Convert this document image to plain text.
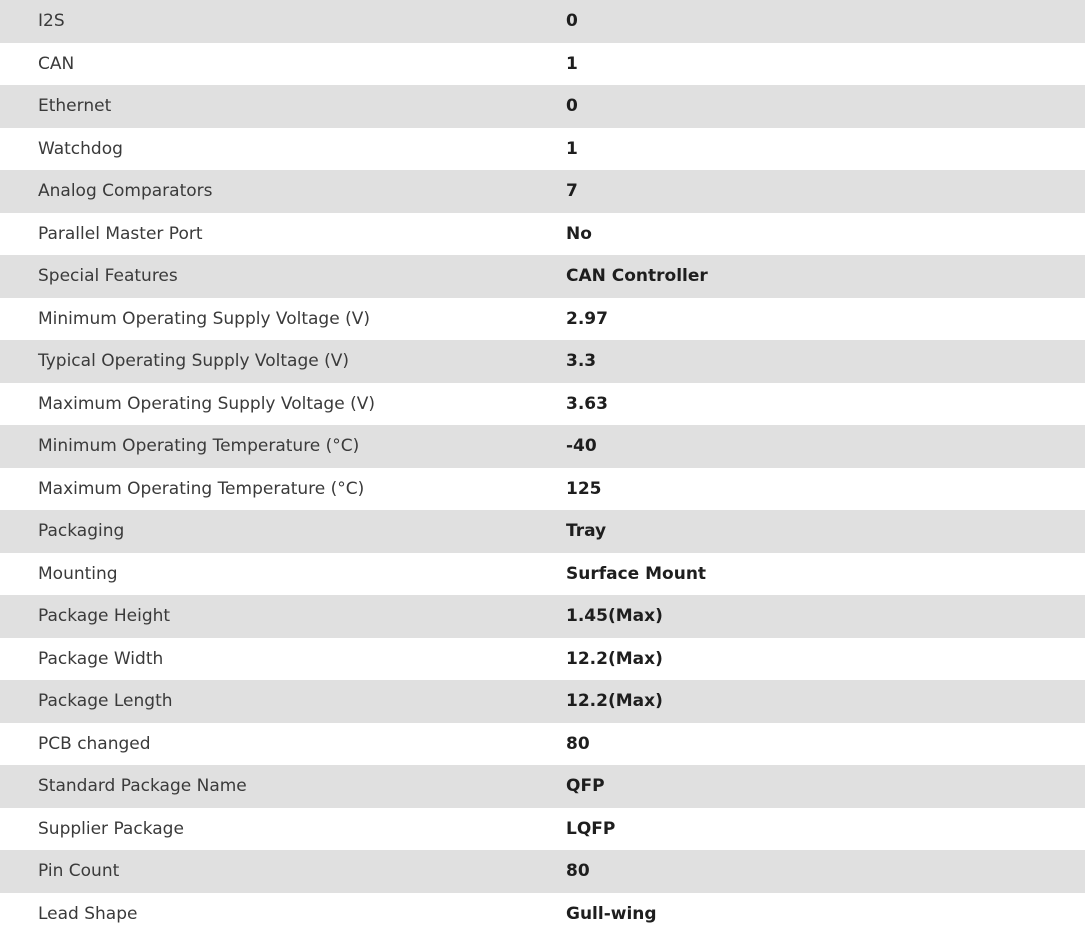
I2S	0
CAN	1
Ethernet	0
Watchdog	1
Analog Comparators	7
Parallel Master Port	No
Special Features	CAN Controller
Minimum Operating Supply Voltage (V)	2.97
Typical Operating Supply Voltage (V)	3.3
Maximum Operating Supply Voltage (V)	3.63
Minimum Operating Temperature (°C)	-40
Maximum Operating Temperature (°C)	125
Packaging	Tray
Mounting	Surface Mount
Package Height	1.45(Max)
Package Width	12.2(Max)
Package Length	12.2(Max)
PCB changed	80
Standard Package Name	QFP
Supplier Package	LQFP
Pin Count	80
Lead Shape	Gull-wing
